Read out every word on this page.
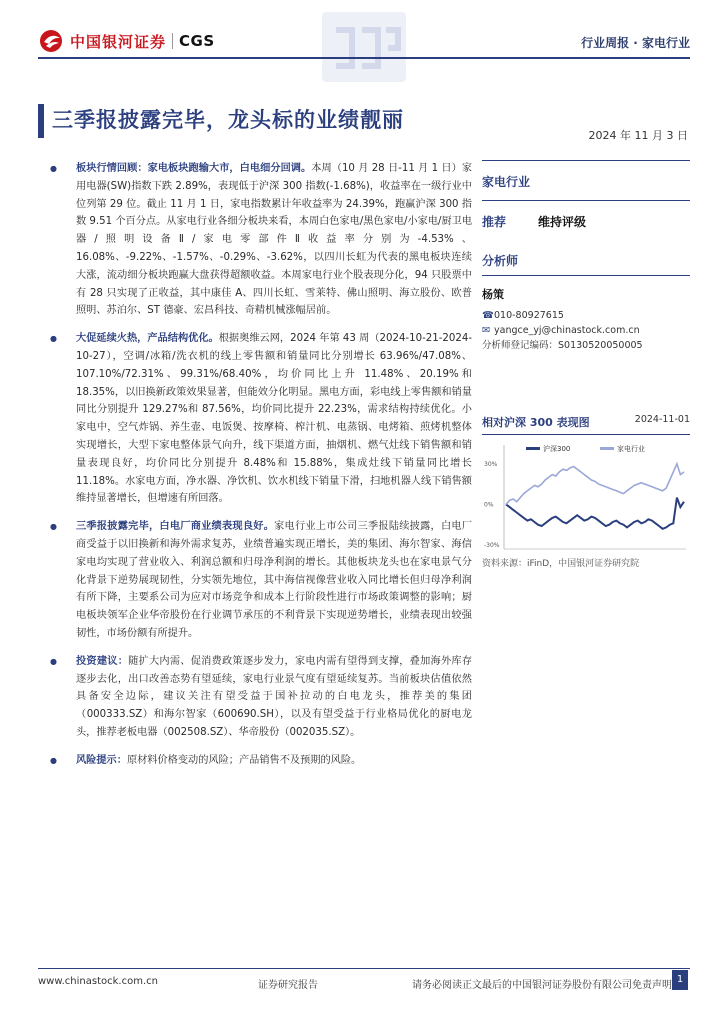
中国银河证券 CGS	行业周报 · 家电行业
三季报披露完毕，龙头标的业绩靓丽
2024 年 11 月 3 日

● 板块行情回顾：家电板块跑输大市，白电细分回调。本周（10 月 28 日-11 月 1 日）家用电器(SW)指数下跌 2.89%，表现低于沪深 300 指数(-1.68%)，收益率在一级行业中位列第 29 位。截止 11 月 1 日，家电指数累计年收益率为 24.39%，跑赢沪深 300 指数 9.51 个百分点。从家电行业各细分板块来看，本周白色家电/黑色家电/小家电/厨卫电器/照明设备Ⅱ/家电零部件Ⅱ收益率分别为-4.53%、16.08%、-9.22%、-1.57%、-0.29%、-3.62%，以四川长虹为代表的黑电板块连续大涨，流动细分板块跑赢大盘获得超额收益。本周家电行业个股表现分化，94 只股票中有 28 只实现了正收益，其中康佳 A、四川长虹、雪莱特、佛山照明、海立股份、欧普照明、苏泊尔、ST 德豪、宏昌科技、奇精机械涨幅居前。

● 大促延续火热，产品结构优化。根据奥维云网，2024 年第 43 周（2024-10-21-2024-10-27），空调/冰箱/洗衣机的线上零售额和销量同比分别增长 63.96%/47.08%、107.10%/72.31%、99.31%/68.40%，均价同比上升 11.48%、20.19%和 18.35%，以旧换新政策效果显著，但能效分化明显。黑电方面，彩电线上零售额和销量同比分别提升 129.27%和 87.56%，均价同比提升 22.23%，需求结构持续优化。小家电中，空气炸锅、养生壶、电饭煲、按摩椅、榨汁机、电蒸锅、电烤箱、煎烤机整体实现增长，大型下家电整体景气向升，线下渠道方面，抽烟机、燃气灶线下销售额和销量表现良好，均价同比分别提升 8.48%和 15.88%，集成灶线下销量同比增长 11.18%。水家电方面，净水器、净饮机、饮水机线下销量下滑，扫地机器人线下销售额维持显著增长，但增速有所回落。

● 三季报披露完毕，白电厂商业绩表现良好。家电行业上市公司三季报陆续披露，白电厂商受益于以旧换新和海外需求复苏，业绩普遍实现正增长，美的集团、海尔智家、海信家电均实现了营业收入、利润总额和归母净利润的增长。其他板块龙头也在家电景气分化背景下逆势展现韧性，分实领先地位，其中海信视像营业收入同比增长但归母净利润有所下降，主要系公司为应对市场竞争和成本上行阶段性进行市场政策调整的影响；厨电板块领军企业华帝股份在行业调节承压的不利背景下实现逆势增长，业绩表现出较强韧性，市场份额有所提升。

● 投资建议：随扩大内需、促消费政策逐步发力，家电内需有望得到支撑，叠加海外库存逐步去化，出口改善态势有望延续，家电行业景气度有望延续复苏。当前板块估值依然具备安全边际，建议关注有望受益于国补拉动的白电龙头，推荐美的集团（000333.SZ）和海尔智家（600690.SH），以及有望受益于行业格局优化的厨电龙头，推荐老板电器（002508.SZ）、华帝股份（002035.SZ）。

● 风险提示：原材料价格变动的风险；产品销售不及预期的风险。

家电行业
推荐	维持评级
分析师
杨策
☎010-80927615
✉ yangce_yj@chinastock.com.cn
分析师登记编码：S0130520050005
相对沪深 300 表现图	2024-11-01
沪深300	家电行业
30%
0%
-30%
资料来源：iFinD，中国银河证券研究院
www.chinastock.com.cn	证券研究报告	请务必阅读正文最后的中国银河证券股份有限公司免责声明
1
